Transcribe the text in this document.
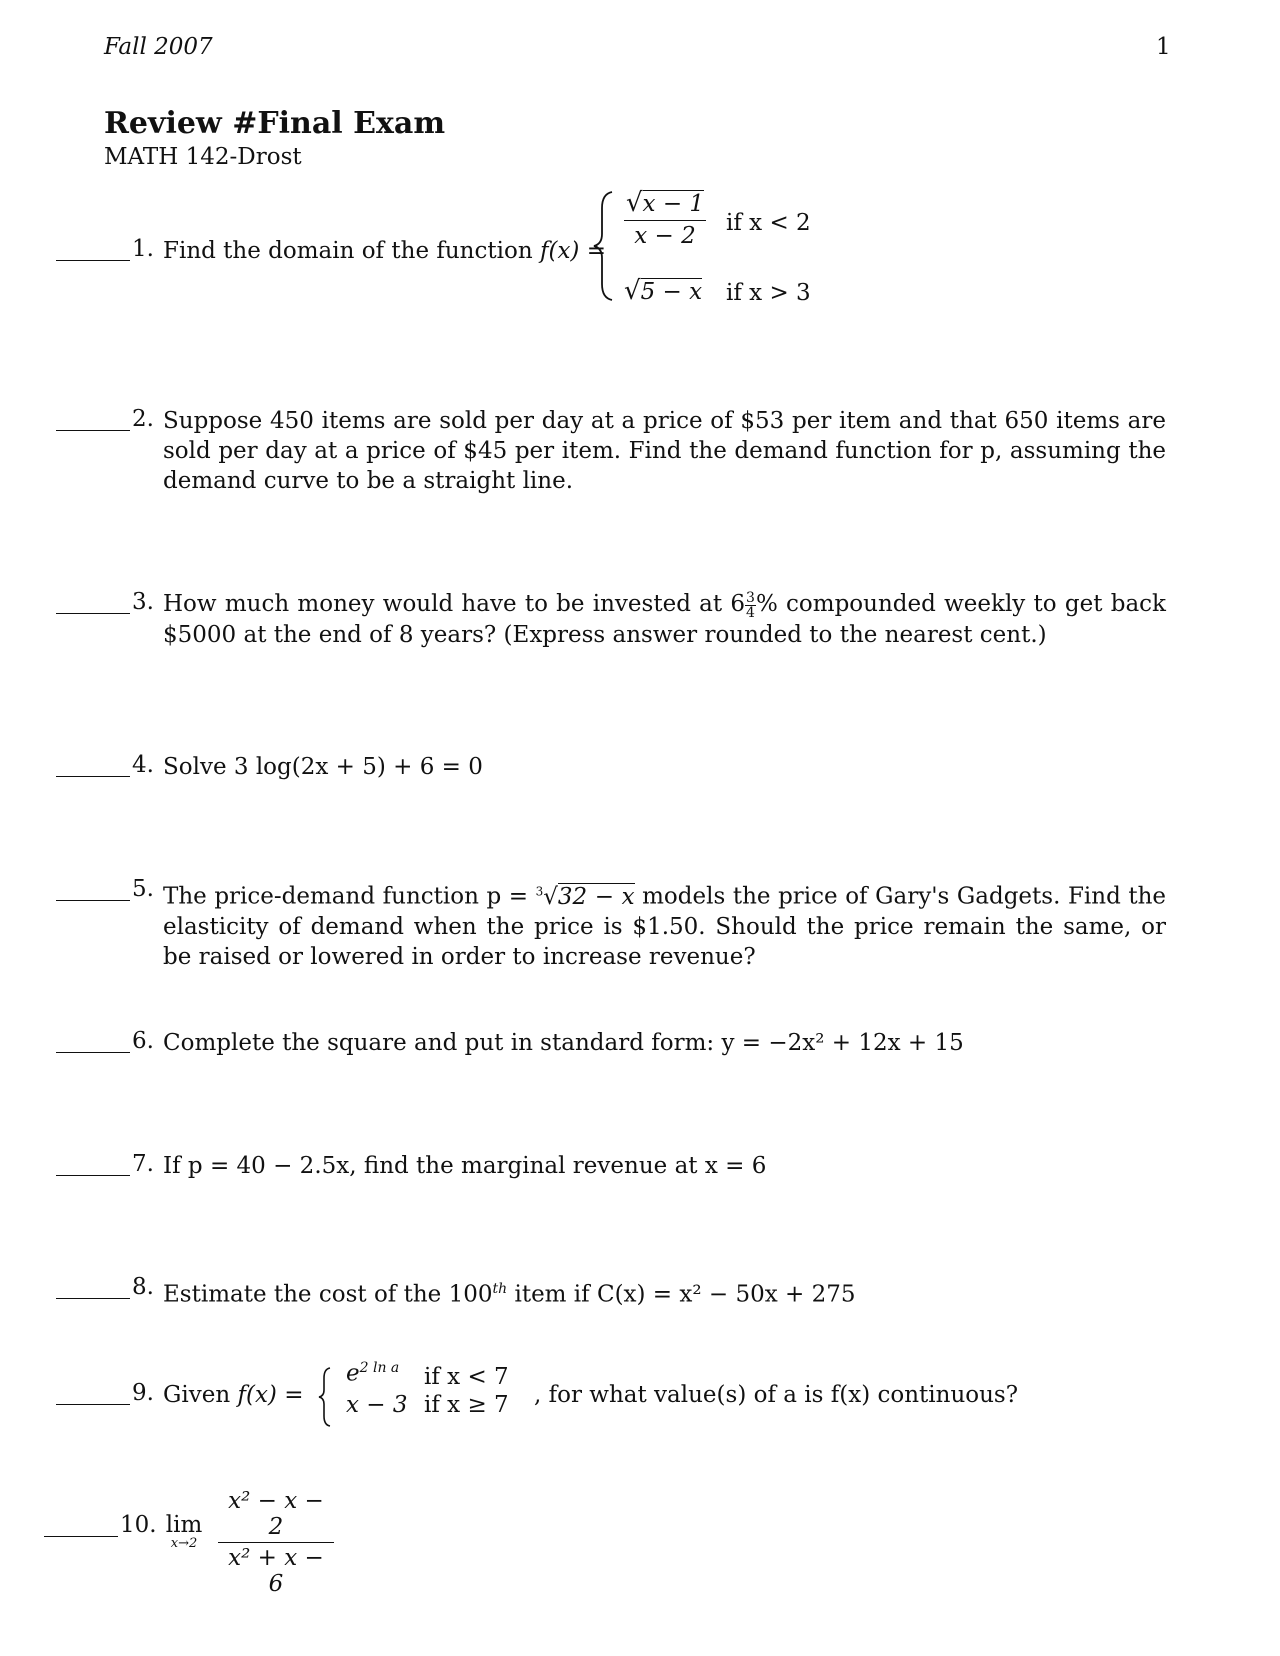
Fall 2007	1
Review #Final Exam
MATH 142-Drost
1. Find the domain of the function f(x) =
√x − 1
x − 2	if x < 2
√5 − x if x > 3
2. Suppose 450 items are sold per day at a price of $53 per item and that 650 items are sold per day at a price of $45 per item. Find the demand function for p, assuming the demand curve to be a straight line.
3. How much money would have to be invested at $6 \frac{3}{4}$ % compounded weekly to get back $5000 at the end of 8 years? (Express answer rounded to the nearest cent.)
4. Solve 3 log(2x + 5) + 6 = 0
5. The price-demand function p = $^3$√32 − x models the price of Gary's Gadgets. Find the elasticity of demand when the price is $1.50. Should the price remain the same, or be raised or lowered in order to increase revenue?
6. Complete the square and put in standard form: y = −2x² + 12x + 15
7. If p = 40 − 2.5x, find the marginal revenue at x = 6
8. Estimate the cost of the 100th item if C(x) = x² − 50x + 275
9. Given f(x) =
$e^{2 ln a}$ if x < 7
x − 3 if x ≥ 7 , for what value(s) of a is f(x) continuous?
10. lim
$x\to 2 \frac{\text{x² − x − 2}}{\text{x² + x − 6}}$
